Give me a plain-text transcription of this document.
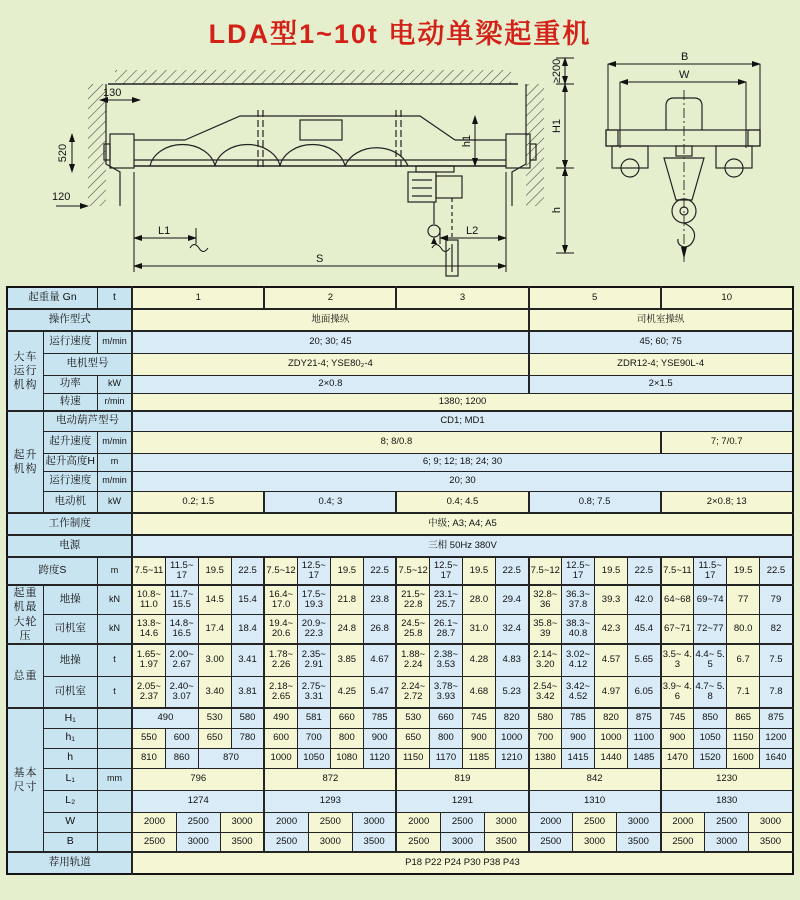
LDA型1~10t 电动单梁起重机
130
520
120
L1	L2
S
h1
≥200
H1
h
B
W
起重量 Gn		t	1						2						3						5						10					
操作型式			地面操纵																		司机室操纵											
大车运行机构	运行速度	m/min	20; 30; 45																		45; 60; 75											
	电机型号		ZDY21-4; YSE80₂-4																		ZDR12-4; YSE90L-4											
	功率	kW	2×0.8																		2×1.5											
	转速	r/min	1380; 1200																													
起升机构	电动葫芦型号		CD1; MD1																													
	起升速度	m/min	8; 8/0.8																								7; 7/0.7					
	起升高度H	m	6; 9; 12; 18; 24; 30																													
	运行速度	m/min	20; 30																													
	电动机	kW	0.2; 1.5						0.4; 3						0.4; 4.5						0.8; 7.5						2×0.8; 13					
工作制度			中级; A3; A4; A5																													
电源			三相 50Hz 380V																													
跨度S		m	7.5~11	11.5~ 17		19.5		22.5	7.5~12	12.5~ 17		19.5		22.5	7.5~12	12.5~ 17		19.5		22.5	7.5~12	12.5~ 17		19.5		22.5	7.5~11	11.5~ 17		19.5		22.5
起重机最大轮压	地操	kN	10.8~ 11.0	11.7~ 15.5		14.5		15.4	16.4~ 17.0	17.5~ 19.3		21.8		23.8	21.5~ 22.8	23.1~ 25.7		28.0		29.4	32.8~ 36	36.3~ 37.8		39.3		42.0	64~68	69~74		77		79
	司机室	kN	13.8~ 14.6	14.8~ 16.5		17.4		18.4	19.4~ 20.6	20.9~ 22.3		24.8		26.8	24.5~ 25.8	26.1~ 28.7		31.0		32.4	35.8~ 39	38.3~ 40.8		42.3		45.4	67~71	72~77		80.0		82
总重	地操	t	1.65~ 1.97	2.00~ 2.67		3.00		3.41	1.78~ 2.26	2.35~ 2.91		3.85		4.67	1.88~ 2.24	2.38~ 3.53		4.28		4.83	2.14~ 3.20	3.02~ 4.12		4.57		5.65	3.5~ 4.3	4.4~ 5.5		6.7		7.5
	司机室	t	2.05~ 2.37	2.40~ 3.07		3.40		3.81	2.18~ 2.65	2.75~ 3.31		4.25		5.47	2.24~ 2.72	3.78~ 3.93		4.68		5.23	2.54~ 3.42	3.42~ 4.52		4.97		6.05	3.9~ 4.6	4.7~ 5.8		7.1		7.8
基本尺寸	H₁		490			530		580	490	581		660		785	530	660		745		820	580	785		820		875	745	850		865		875
	h₁		550	600		650		780	600	700		800		900	650	800		900		1000	700	900		1000		1100	900	1050		1150		1200
	h		810	860		870			1000	1050		1080		1120	1150	1170		1185		1210	1380	1415		1440		1485	1470	1520		1600		1640
	L₁	mm	796						872						819						842						1230					
	L₂		1274						1293						1291						1310						1830					
	W		2000		2500		3000		2000		2500		3000		2000		2500		3000		2000		2500		3000		2000		2500		3000	
	B		2500		3000		3500		2500		3000		3500		2500		3000		3500		2500		3000		3500		2500		3000		3500	
荐用轨道			P18 P22 P24 P30 P38 P43																													
